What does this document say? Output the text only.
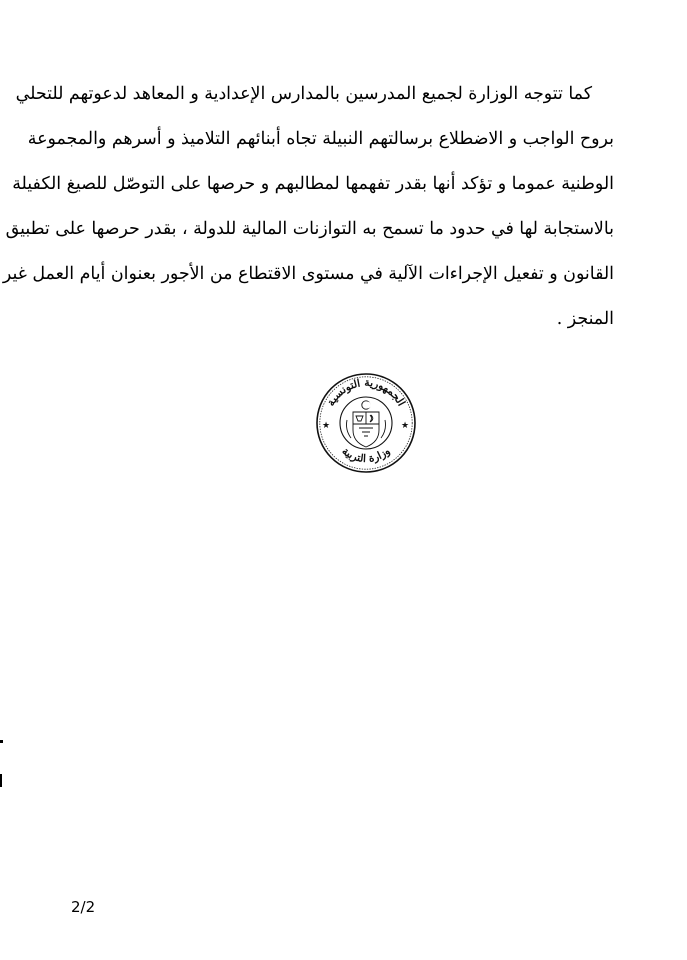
كما تتوجه الوزارة لجميع المدرسين بالمدارس الإعدادية و المعاهد لدعوتهم للتحلي
بروح الواجب و الاضطلاع برسالتهم النبيلة تجاه أبنائهم التلاميذ و أسرهم والمجموعة
الوطنية عموما و تؤكد أنها بقدر تفهمها لمطالبهم و حرصها على التوصّل للصيغ الكفيلة
بالاستجابة لها في حدود ما تسمح به التوازنات المالية للدولة ، بقدر حرصها على تطبيق
القانون و تفعيل الإجراءات الآلية في مستوى الاقتطاع من الأجور بعنوان أيام العمل غير
المنجز .

الجمهورية التونسية
وزارة التربية
★	★
2/2
